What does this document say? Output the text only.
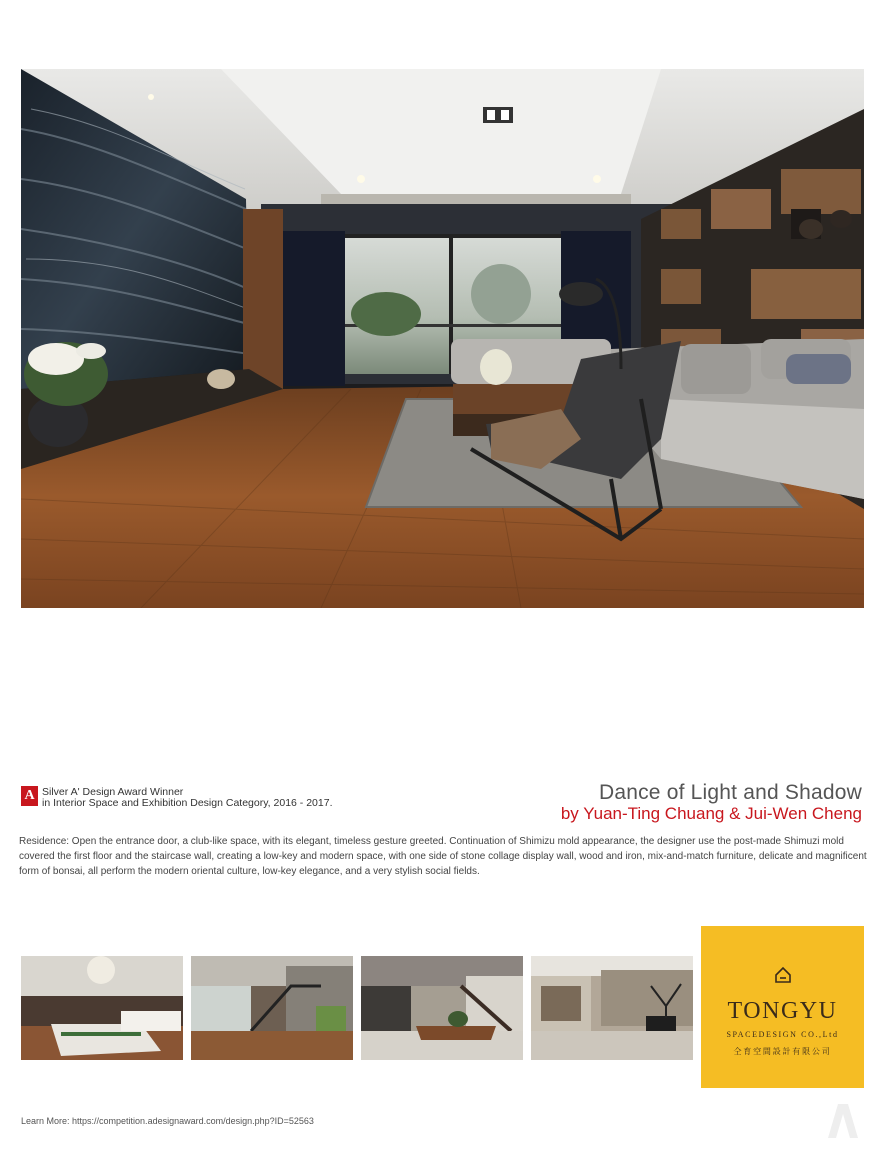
A Silver A' Design Award Winner
in Interior Space and Exhibition Design Category, 2016 - 2017.	Dance of Light and Shadow
by Yuan-Ting Chuang & Jui-Wen Cheng

Residence: Open the entrance door, a club-like space, with its elegant, timeless gesture greeted. Continuation of Shimizu mold appearance, the designer use the post-made Shimuzi mold covered the first floor and the staircase wall, creating a low-key and modern space, with one side of stone collage display wall, wood and iron, mix-and-match furniture, delicate and magnificent form of bonsai, all perform the modern oriental culture, low-key elegance, and a very stylish social fields.

TONGYU
SPACEDESIGN CO.,Ltd
仝育空間設計有限公司
Learn More: https://competition.adesignaward.com/design.php?ID=52563
